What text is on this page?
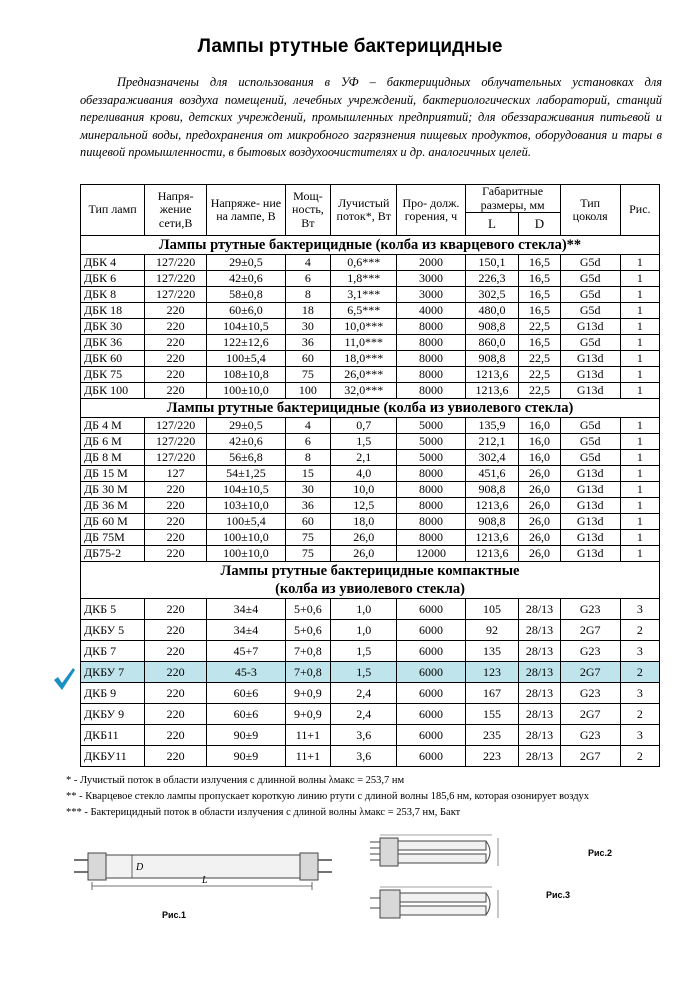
Лампы ртутные бактерицидные
Предназначены для использования в УФ – бактерицидных облучательных установках для обеззараживания воздуха помещений, лечебных учреждений, бактериологических лабораторий, станций переливания крови, детских учреждений, промышленных предприятий; для обеззараживания питьевой и минеральной воды, предохранения от микробного загрязнения пищевых продуктов, оборудования и тары в пищевой промышленности, в бытовых воздухоочистителях и др. аналогичных целей.
Тип ламп	Напря- жение сети,В	Напряже- ние на лампе, В	Мощ- ность, Вт	Лучистый поток*, Вт	Про- долж. горения, ч	Габаритные размеры, мм		Тип цоколя	Рис.
						L	D		
Лампы ртутные бактерицидные (колба из кварцевого стекла)**									
ДБК 4	127/220	29±0,5	4	0,6***	2000	150,1	16,5	G5d	1
ДБК 6	127/220	42±0,6	6	1,8***	3000	226,3	16,5	G5d	1
ДБК 8	127/220	58±0,8	8	3,1***	3000	302,5	16,5	G5d	1
ДБК 18	220	60±6,0	18	6,5***	4000	480,0	16,5	G5d	1
ДБК 30	220	104±10,5	30	10,0***	8000	908,8	22,5	G13d	1
ДБК 36	220	122±12,6	36	11,0***	8000	860,0	16,5	G5d	1
ДБК 60	220	100±5,4	60	18,0***	8000	908,8	22,5	G13d	1
ДБК 75	220	108±10,8	75	26,0***	8000	1213,6	22,5	G13d	1
ДБК 100	220	100±10,0	100	32,0***	8000	1213,6	22,5	G13d	1
Лампы ртутные бактерицидные (колба из увиолевого стекла)									
ДБ 4 М	127/220	29±0,5	4	0,7	5000	135,9	16,0	G5d	1
ДБ 6 М	127/220	42±0,6	6	1,5	5000	212,1	16,0	G5d	1
ДБ 8 М	127/220	56±6,8	8	2,1	5000	302,4	16,0	G5d	1
ДБ 15 М	127	54±1,25	15	4,0	8000	451,6	26,0	G13d	1
ДБ 30 М	220	104±10,5	30	10,0	8000	908,8	26,0	G13d	1
ДБ 36 М	220	103±10,0	36	12,5	8000	1213,6	26,0	G13d	1
ДБ 60 М	220	100±5,4	60	18,0	8000	908,8	26,0	G13d	1
ДБ 75М	220	100±10,0	75	26,0	8000	1213,6	26,0	G13d	1
ДБ75-2	220	100±10,0	75	26,0	12000	1213,6	26,0	G13d	1
Лампы ртутные бактерицидные компактные
(колба из увиолевого стекла)									
ДКБ 5	220	34±4	5+0,6	1,0	6000	105	28/13	G23	3
ДКБУ 5	220	34±4	5+0,6	1,0	6000	92	28/13	2G7	2
ДКБ 7	220	45+7	7+0,8	1,5	6000	135	28/13	G23	3
ДКБУ 7	220	45-3	7+0,8	1,5	6000	123	28/13	2G7	2
ДКБ 9	220	60±6	9+0,9	2,4	6000	167	28/13	G23	3
ДКБУ 9	220	60±6	9+0,9	2,4	6000	155	28/13	2G7	2
ДКБ11	220	90±9	11+1	3,6	6000	235	28/13	G23	3
ДКБУ11	220	90±9	11+1	3,6	6000	223	28/13	2G7	2
* - Лучистый поток в области излучения с длинной волны λмакс = 253,7 нм
** - Кварцевое стекло лампы пропускает короткую линию ртути с длиной волны 185,6 нм, которая озонирует воздух
*** - Бактерицидный поток в области излучения с длиной волны λмакс = 253,7 нм, Бакт
L
D
Рис.1
Рис.2
Рис.3
